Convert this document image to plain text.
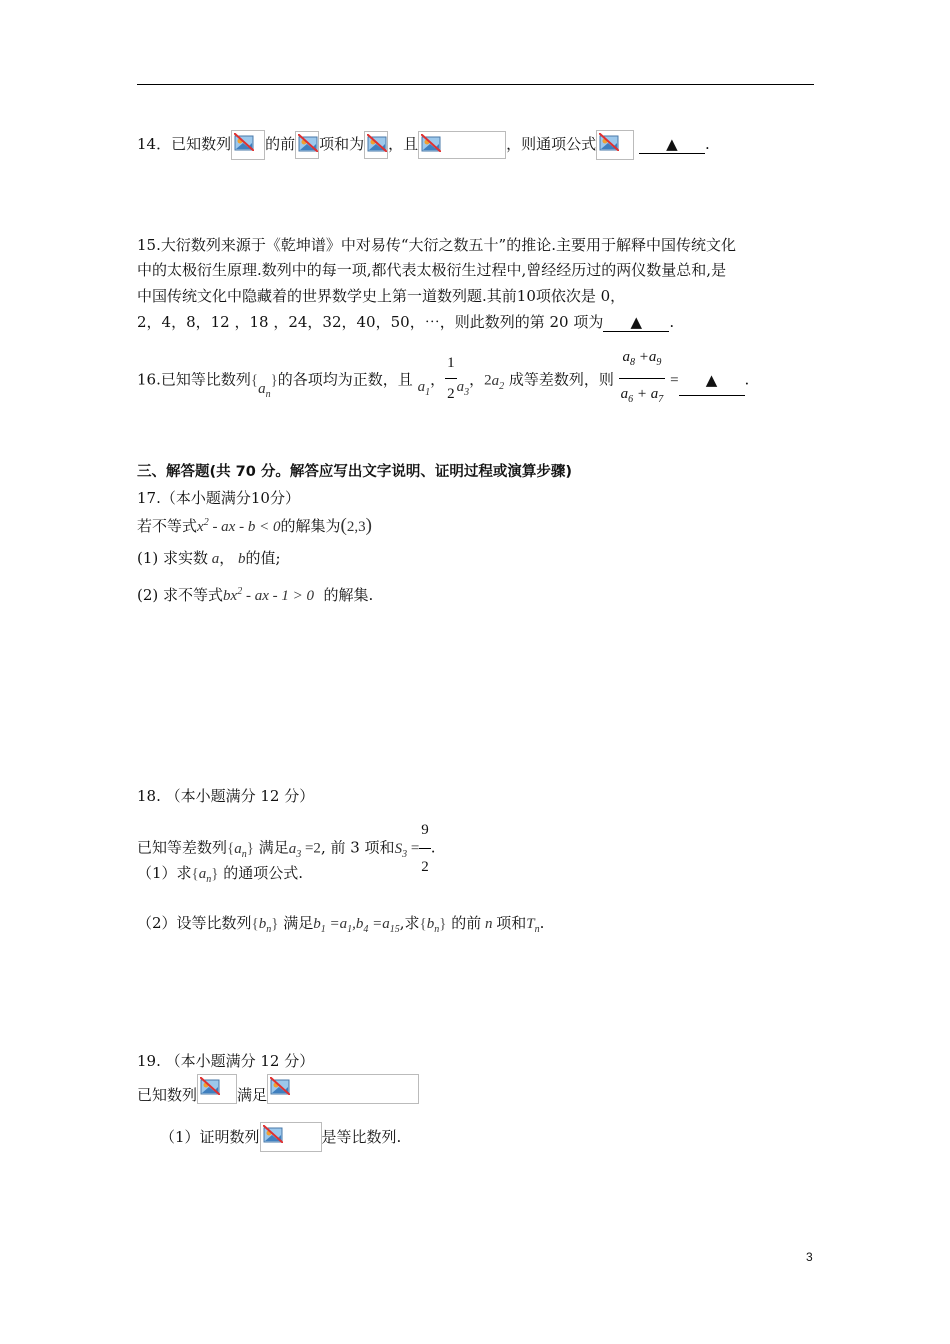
14．已知数列 的前 项和为 ，且	，则通项公式	▲ .
15.大衍数列来源于《乾坤谱》中对易传“大衍之数五十”的推论.主要用于解释中国传统文化
中的太极衍生原理.数列中的每一项,都代表太极衍生过程中,曾经经历过的两仪数量总和,是
中国传统文化中隐藏着的世界数学史上第一道数列题.其前10项依次是 0，
2，4，8，12 ，18 ，24，32，40，50，⋯，则此数列的第 20 项为 ▲ .
16.已知等比数列$\{a_n\}$的各项均为正数，且 $a_1$， $\frac{1}{2} a_3$，$2a_2$ 成等差数列，则 $\frac{a_8 +a_9}{a_6 + a_7}$ = ▲ .
三、解答题(共 70 分。解答应写出文字说明、证明过程或演算步骤)
17.（本小题满分10分）
若不等式$x^2$ - ax - b < 0的解集为(2,3)
(1) 求实数 a， b的值;
(2) 求不等式$bx^2$ - ax - 1 > 0 的解集.
18. （本小题满分 12 分）
已知等差数列$\{a_n\}$ 满足$a_3 =2$, 前 3 项和$S_3 = \frac{9}{2}$ .
（1）求$\{a_n\}$ 的通项公式.
（2）设等比数列$\{b_n\}$ 满足$b_1 =a_1,b_4 =a_{15}$,求$\{b_n\}$ 的前 n 项和$T_n$.
19. （本小题满分 12 分）
已知数列	满足
（1）证明数列	是等比数列.
3
